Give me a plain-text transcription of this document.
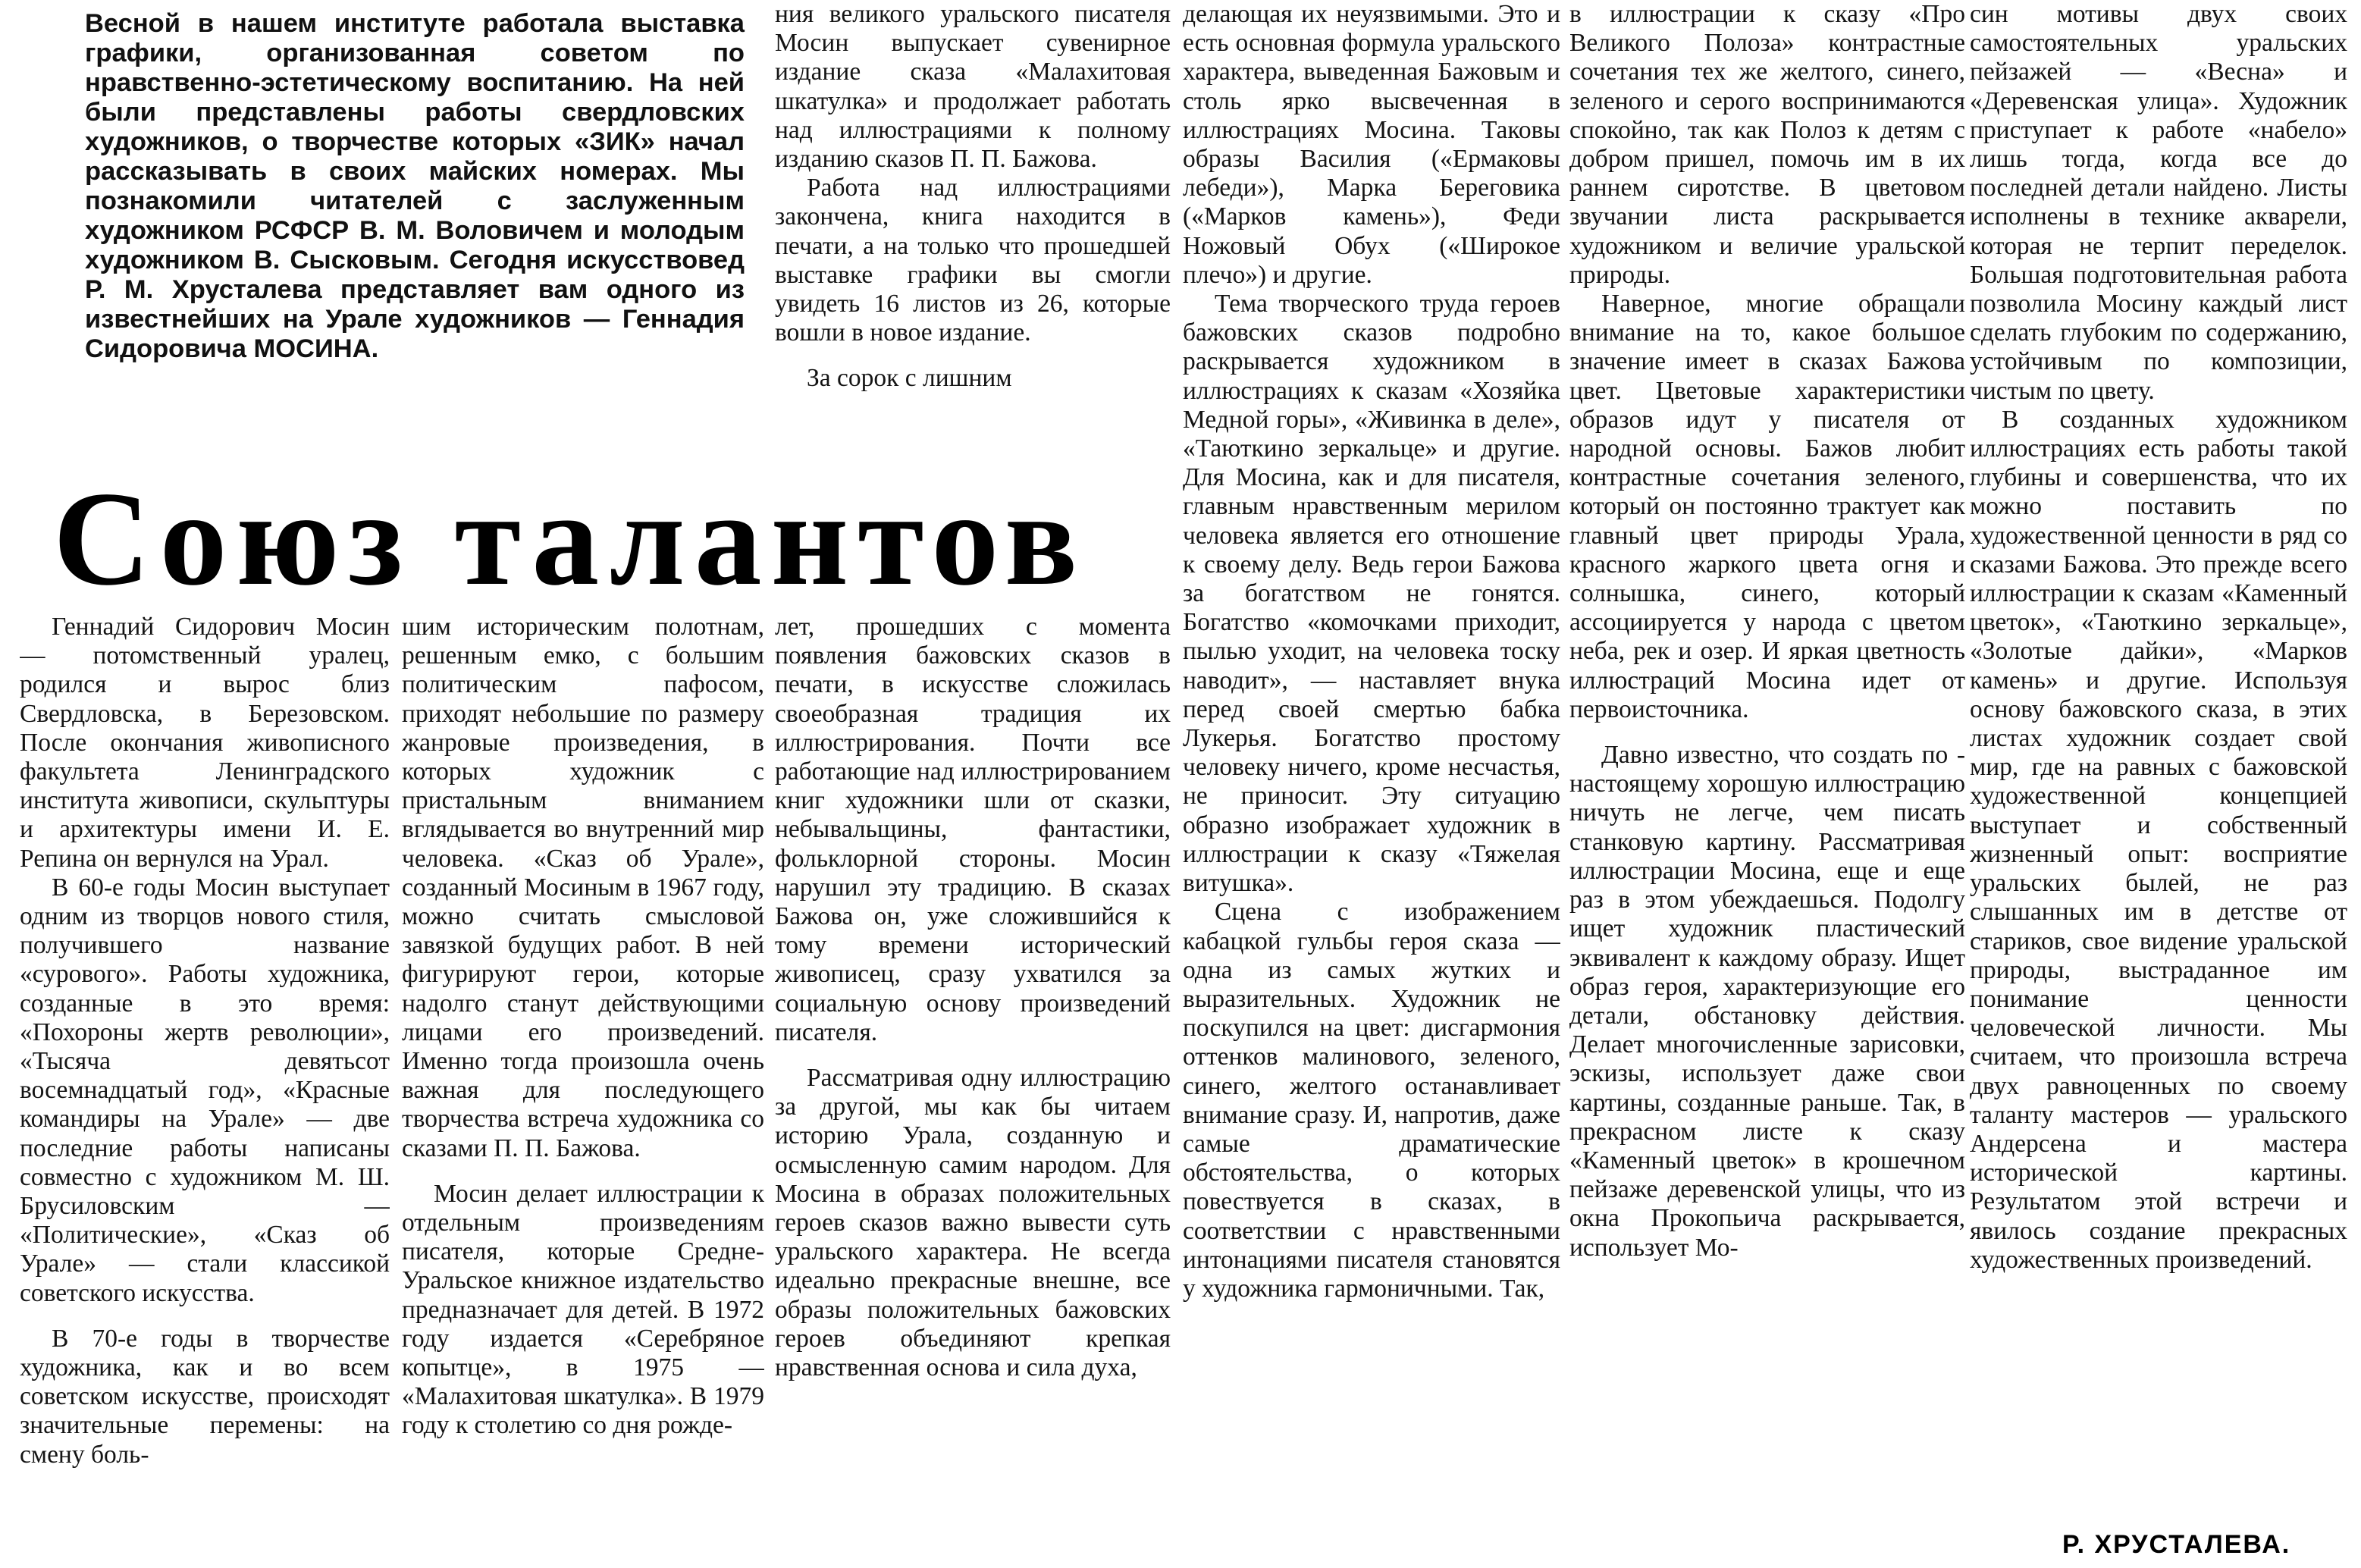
Весной в нашем институте работала выставка графики, организованная советом по нравственно-эстетическому воспитанию. На ней были представлены работы свердловских художников, о творчестве которых «ЗИК» начал рассказывать в своих майских номерах. Мы познакомили читателей с заслуженным художником РСФСР В. М. Воловичем и молодым художником В. Сысковым. Сегодня искусствовед Р. М. Хрусталева представляет вам одного из известнейших на Урале художников — Геннадия Сидоровича МОСИНА.

ния великого уральского писателя Мосин выпускает сувенирное издание сказа «Малахитовая шкатулка» и продолжает работать над иллюстрациями к полному изданию сказов П. П. Бажова.

Работа над иллюстрациями закончена, книга находится в печати, а на только что прошедшей выставке графики вы смогли увидеть 16 листов из 26, которые вошли в новое издание.

За сорок с лишним

Союз талантов

Геннадий Сидорович Мосин — потомственный уралец, родился и вырос близ Свердловска, в Березовском. После окончания живописного факультета Ленинградского института живописи, скульптуры и архитектуры имени И. Е. Репина он вернулся на Урал.

В 60-е годы Мосин выступает одним из творцов нового стиля, получившего название «сурового». Работы художника, созданные в это время: «Похороны жертв революции», «Тысяча девятьсот восемнадцатый год», «Красные командиры на Урале» — две последние работы написаны совместно с художником М. Ш. Брусиловским — «Политические», «Сказ об Урале» — стали классикой советского искусства.

В 70-е годы в творчестве художника, как и во всем советском искусстве, происходят значительные перемены: на смену боль-

шим историческим полотнам, решенным емко, с большим политическим пафосом, приходят небольшие по размеру жанровые произведения, в которых художник с пристальным вниманием вглядывается во внутренний мир человека. «Сказ об Урале», созданный Мосиным в 1967 году, можно считать смысловой завязкой будущих работ. В ней фигурируют герои, которые надолго станут действующими лицами его произведений. Именно тогда произошла очень важная для последующего творчества встреча художника со сказами П. П. Бажова.

Мосин делает иллюстрации к отдельным произведениям писателя, которые Средне-Уральское книжное издательство предназначает для детей. В 1972 году издается «Серебряное копытце», в 1975 — «Малахитовая шкатулка». В 1979 году к столетию со дня рожде-

лет, прошедших с момента появления бажовских сказов в печати, в искусстве сложилась своеобразная традиция их иллюстрирования. Почти все работающие над иллюстрированием книг художники шли от сказки, небывальщины, фантастики, фольклорной стороны. Мосин нарушил эту традицию. В сказах Бажова он, уже сложившийся к тому времени исторический живописец, сразу ухватился за социальную основу произведений писателя.

Рассматривая одну иллюстрацию за другой, мы как бы читаем историю Урала, созданную и осмысленную самим народом. Для Мосина в образах положительных героев сказов важно вывести суть уральского характера. Не всегда идеально прекрасные внешне, все образы положительных бажовских героев объединяют крепкая нравственная основа и сила духа,

делающая их неуязвимыми. Это и есть основная формула уральского характера, выведенная Бажовым и столь ярко высвеченная в иллюстрациях Мосина. Таковы образы Василия («Ермаковы лебеди»), Марка Береговика («Марков камень»), Феди Ножовый Обух («Широкое плечо») и другие.

Тема творческого труда героев бажовских сказов подробно раскрывается художником в иллюстрациях к сказам «Хозяйка Медной горы», «Живинка в деле», «Таюткино зеркальце» и другие. Для Мосина, как и для писателя, главным нравственным мерилом человека является его отношение к своему делу. Ведь герои Бажова за богатством не гонятся. Богатство «комочками приходит, пылью уходит, на человека тоску наводит», — наставляет внука перед своей смертью бабка Лукерья. Богатство простому человеку ничего, кроме несчастья, не приносит. Эту ситуацию образно изображает художник в иллюстрации к сказу «Тяжелая витушка».

Сцена с изображением кабацкой гульбы героя сказа — одна из самых жутких и выразительных. Художник не поскупился на цвет: дисгармония оттенков малинового, зеленого, синего, желтого останавливает внимание сразу. И, напротив, даже самые драматические обстоятельства, о которых повествуется в сказах, в соответствии с нравственными интонациями писателя становятся у художника гармоничными. Так,

в иллюстрации к сказу «Про Великого Полоза» контрастные сочетания тех же желтого, синего, зеленого и серого воспринимаются спокойно, так как Полоз к детям с добром пришел, помочь им в их раннем сиротстве. В цветовом звучании листа раскрывается художником и величие уральской природы.

Наверное, многие обращали внимание на то, какое большое значение имеет в сказах Бажова цвет. Цветовые характеристики образов идут у писателя от народной основы. Бажов любит контрастные сочетания зеленого, который он постоянно трактует как главный цвет природы Урала, красного жаркого цвета огня и солнышка, синего, который ассоциируется у народа с цветом неба, рек и озер. И яркая цветность иллюстраций Мосина идет от первоисточника.

Давно известно, что создать по - настоящему хорошую иллюстрацию ничуть не легче, чем писать станковую картину. Рассматривая иллюстрации Мосина, еще и еще раз в этом убеждаешься. Подолгу ищет художник пластический эквивалент к каждому образу. Ищет образ героя, характеризующие его детали, обстановку действия. Делает многочисленные зарисовки, эскизы, использует даже свои картины, созданные раньше. Так, в прекрасном листе к сказу «Каменный цветок» в крошечном пейзаже деревенской улицы, что из окна Прокопьича раскрывается, использует Мо-

син мотивы двух своих самостоятельных уральских пейзажей — «Весна» и «Деревенская улица». Художник приступает к работе «набело» лишь тогда, когда все до последней детали найдено. Листы исполнены в технике акварели, которая не терпит переделок. Большая подготовительная работа позволила Мосину каждый лист сделать глубоким по содержанию, устойчивым по композиции, чистым по цвету.

В созданных художником иллюстрациях есть работы такой глубины и совершенства, что их можно поставить по художественной ценности в ряд со сказами Бажова. Это прежде всего иллюстрации к сказам «Каменный цветок», «Таюткино зеркальце», «Золотые дайки», «Марков камень» и другие. Используя основу бажовского сказа, в этих листах художник создает свой мир, где на равных с бажовской художественной концепцией выступает и собственный жизненный опыт: восприятие уральских былей, не раз слышанных им в детстве от стариков, свое видение уральской природы, выстраданное им понимание ценности человеческой личности. Мы считаем, что произошла встреча двух равноценных по своему таланту мастеров — уральского Андерсена и мастера исторической картины. Результатом этой встречи и явилось создание прекрасных художественных произведений.

Р. ХРУСТАЛЕВА.
